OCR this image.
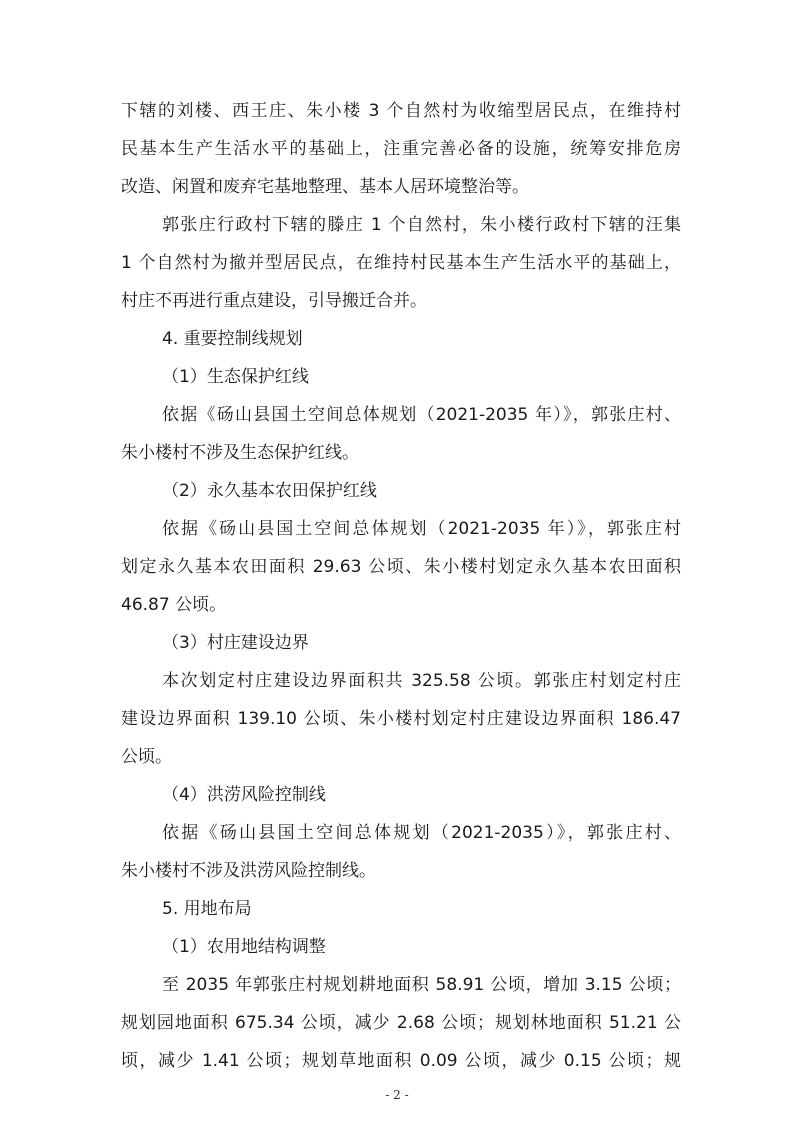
下辖的刘楼、西王庄、朱小楼 3 个自然村为收缩型居民点，在维持村
民基本生产生活水平的基础上，注重完善必备的设施，统筹安排危房
改造、闲置和废弃宅基地整理、基本人居环境整治等。
郭张庄行政村下辖的滕庄 1 个自然村，朱小楼行政村下辖的汪集
1 个自然村为撤并型居民点，在维持村民基本生产生活水平的基础上，
村庄不再进行重点建设，引导搬迁合并。
4. 重要控制线规划
（1）生态保护红线
依据《砀山县国土空间总体规划（2021-2035 年）》，郭张庄村、
朱小楼村不涉及生态保护红线。
（2）永久基本农田保护红线
依据《砀山县国土空间总体规划（2021-2035 年）》，郭张庄村
划定永久基本农田面积 29.63 公顷、朱小楼村划定永久基本农田面积
46.87 公顷。
（3）村庄建设边界
本次划定村庄建设边界面积共 325.58 公顷。郭张庄村划定村庄
建设边界面积 139.10 公顷、朱小楼村划定村庄建设边界面积 186.47
公顷。
（4）洪涝风险控制线
依据《砀山县国土空间总体规划（2021-2035）》，郭张庄村、
朱小楼村不涉及洪涝风险控制线。
5. 用地布局
（1）农用地结构调整
至 2035 年郭张庄村规划耕地面积 58.91 公顷，增加 3.15 公顷；
规划园地面积 675.34 公顷，减少 2.68 公顷；规划林地面积 51.21 公
顷，减少 1.41 公顷；规划草地面积 0.09 公顷，减少 0.15 公顷；规
- 2 -
